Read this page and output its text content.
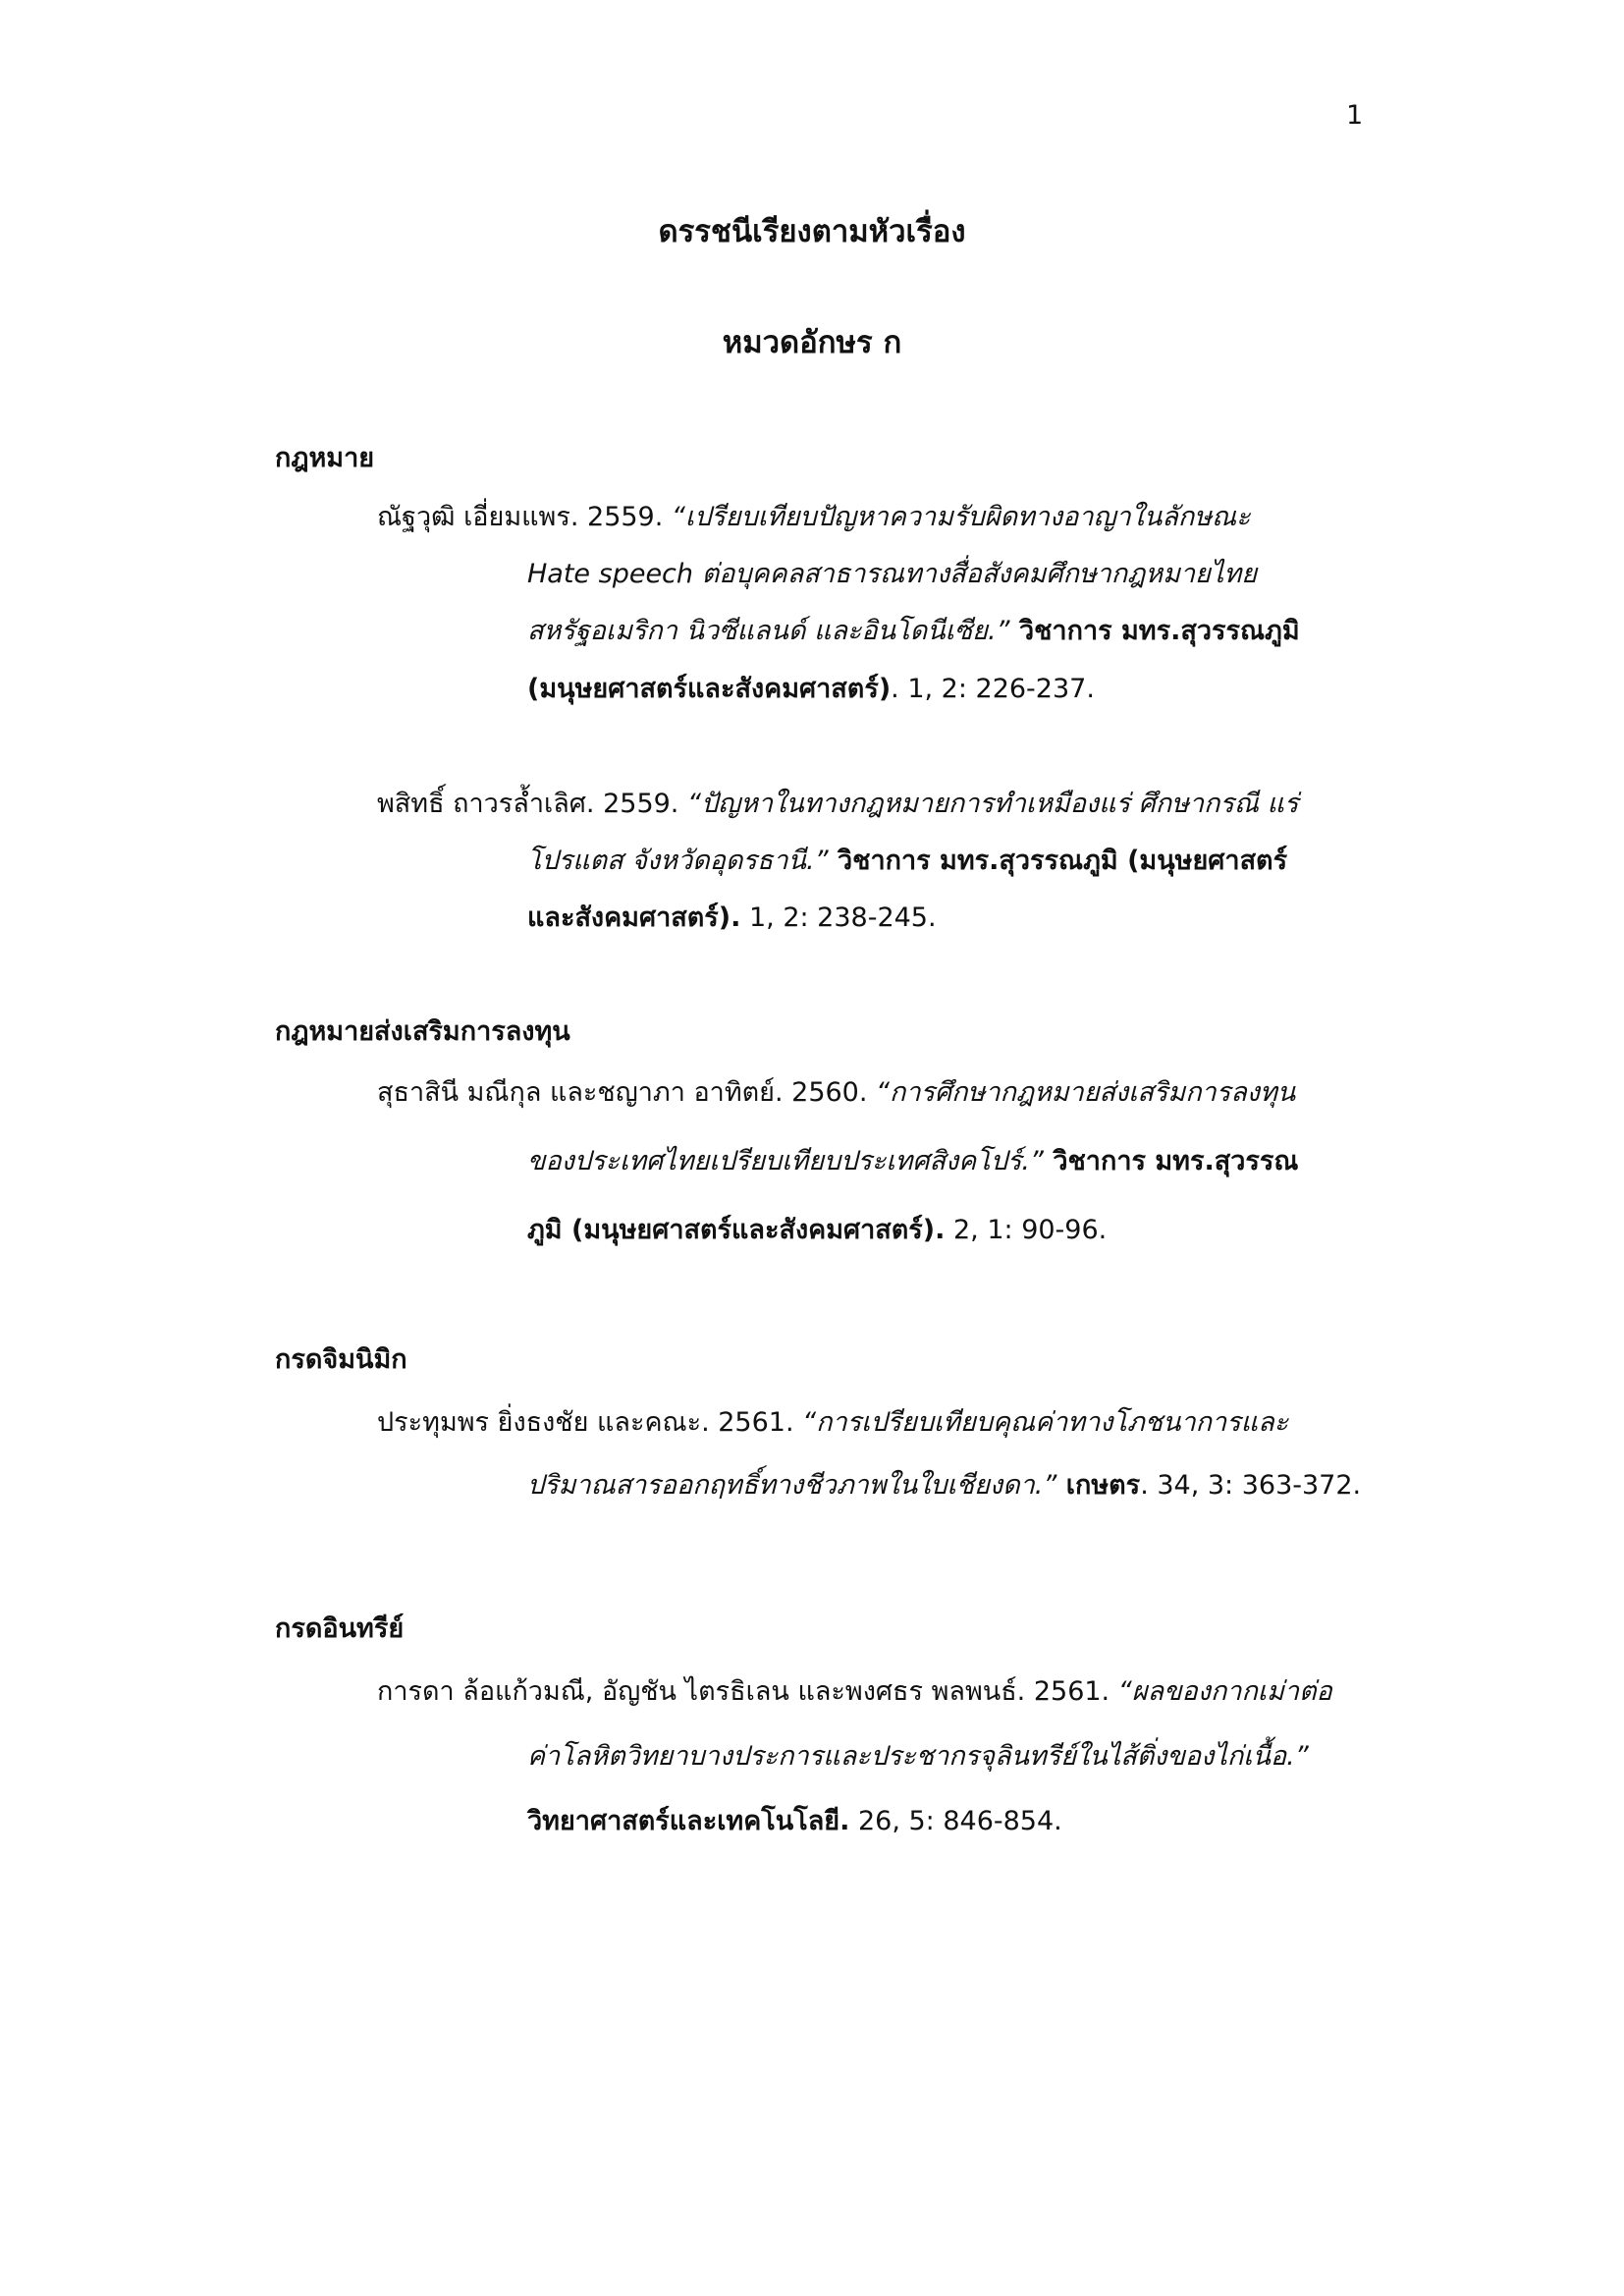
1
ดรรชนีเรียงตามหัวเรื่อง
หมวดอักษร ก
กฎหมาย
ณัฐวุฒิ เอี่ยมแพร. 2559. “เปรียบเทียบปัญหาความรับผิดทางอาญาในลักษณะ
Hate speech ต่อบุคคลสาธารณทางสื่อสังคมศึกษากฎหมายไทย
สหรัฐอเมริกา นิวซีแลนด์ และอินโดนีเซีย.” วิชาการ มทร.สุวรรณภูมิ
(มนุษยศาสตร์และสังคมศาสตร์). 1, 2: 226-237.
พสิทธิ์ ถาวรล้ำเลิศ. 2559. “ปัญหาในทางกฎหมายการทำเหมืองแร่ ศึกษากรณี แร่
โปรแตส จังหวัดอุดรธานี.” วิชาการ มทร.สุวรรณภูมิ (มนุษยศาสตร์
และสังคมศาสตร์). 1, 2: 238-245.
กฎหมายส่งเสริมการลงทุน
สุธาสินี มณีกุล และชญาภา อาทิตย์. 2560. “การศึกษากฎหมายส่งเสริมการลงทุน
ของประเทศไทยเปรียบเทียบประเทศสิงคโปร์.” วิชาการ มทร.สุวรรณ
ภูมิ (มนุษยศาสตร์และสังคมศาสตร์). 2, 1: 90-96.
กรดจิมนิมิก
ประทุมพร ยิ่งธงชัย และคณะ. 2561. “การเปรียบเทียบคุณค่าทางโภชนาการและ
ปริมาณสารออกฤทธิ์ทางชีวภาพในใบเชียงดา.” เกษตร. 34, 3: 363-372.
กรดอินทรีย์
การดา ล้อแก้วมณี, อัญชัน ไตรธิเลน และพงศธร พลพนธ์. 2561. “ผลของกากเม่าต่อ
ค่าโลหิตวิทยาบางประการและประชากรจุลินทรีย์ในไส้ติ่งของไก่เนื้อ.”
วิทยาศาสตร์และเทคโนโลยี. 26, 5: 846-854.
